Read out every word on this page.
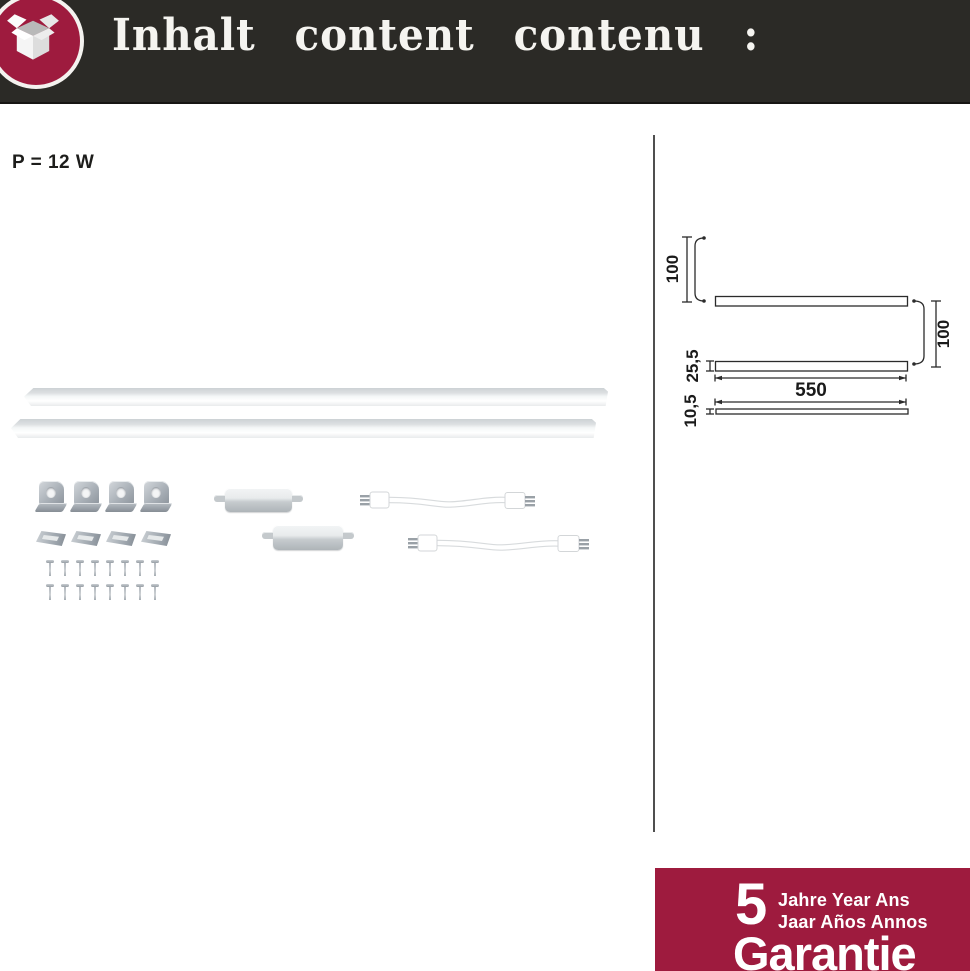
Inhalt content contenu :
P = 12 W
100
100
25,5
550
10,5
5 Jahre Year Ans
Jaar Años Annos
Garantie
